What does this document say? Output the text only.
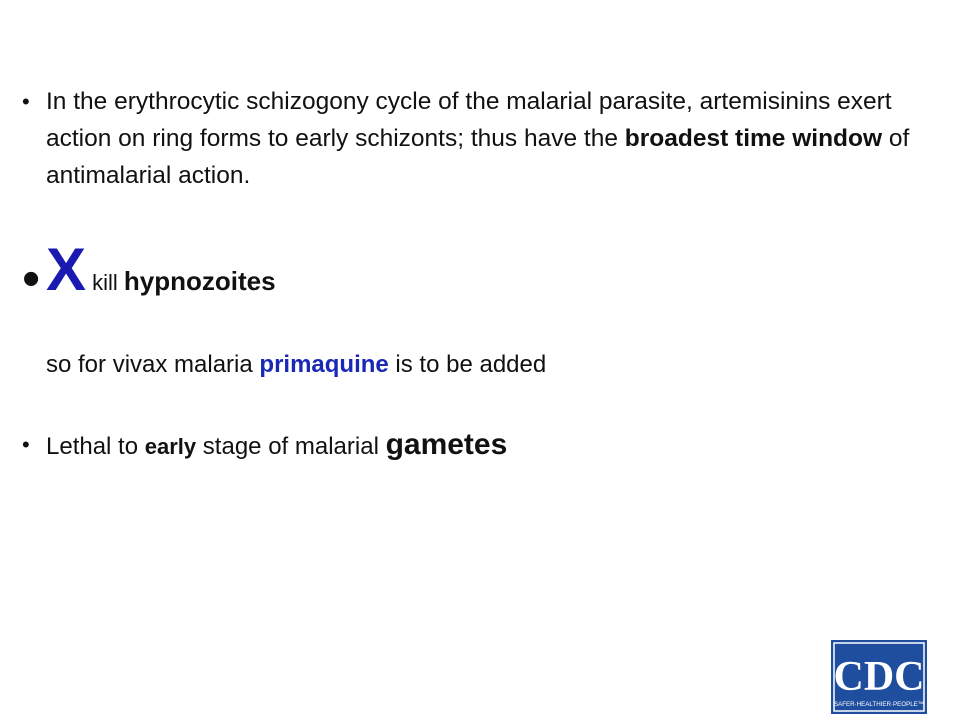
• In the erythrocytic schizogony cycle of the malarial parasite, artemisinins exert action on ring forms to early schizonts; thus have the broadest time window of antimalarial action.
• X kill hypnozoites
so for vivax malaria primaquine is to be added
• Lethal to early stage of malarial gametes
CDC
SAFER·HEALTHIER·PEOPLE™
